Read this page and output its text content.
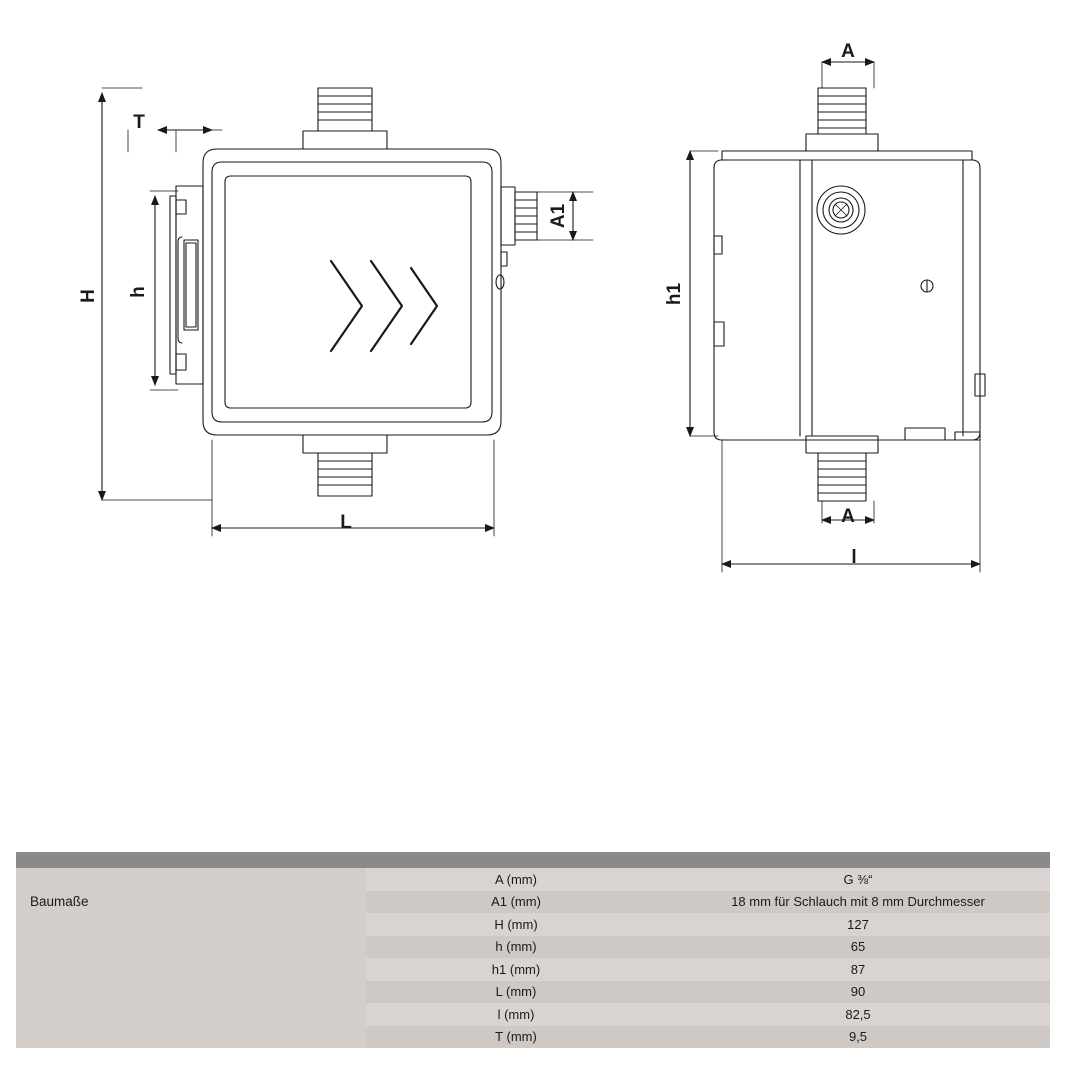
H h
T
L
A1
A
A
h1
l
Baumaße
A (mm)	G ⅜“
A1 (mm)	18 mm für Schlauch mit 8 mm Durchmesser
H (mm)	127
h (mm)	65
h1 (mm)	87
L (mm)	90
l (mm)	82,5
T (mm)	9,5
